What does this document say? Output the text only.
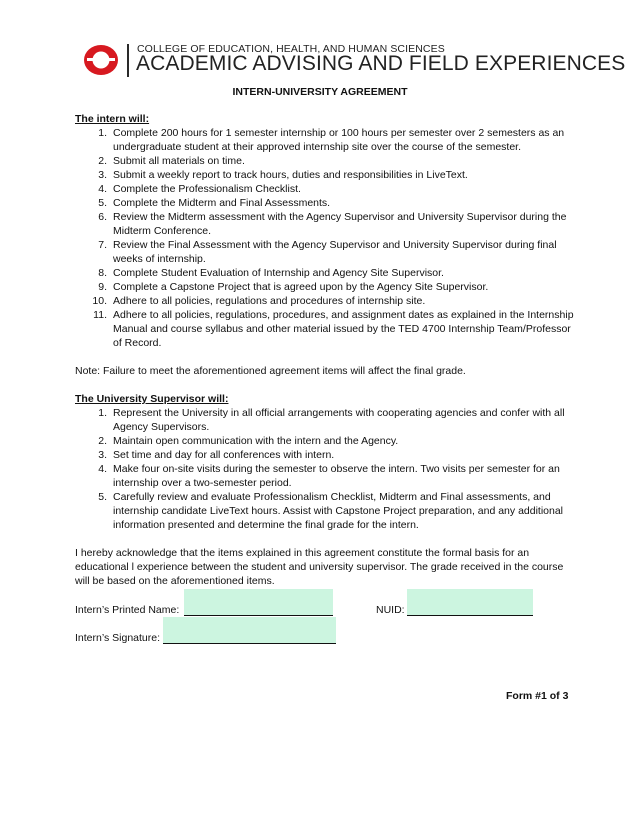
COLLEGE OF EDUCATION, HEALTH, AND HUMAN SCIENCES
ACADEMIC ADVISING AND FIELD EXPERIENCES
INTERN-UNIVERSITY AGREEMENT

The intern will:

1. Complete 200 hours for 1 semester internship or 100 hours per semester over 2 semesters as an undergraduate student at their approved internship site over the course of the semester.
2. Submit all materials on time.
3. Submit a weekly report to track hours, duties and responsibilities in LiveText.
4. Complete the Professionalism Checklist.
5. Complete the Midterm and Final Assessments.
6. Review the Midterm assessment with the Agency Supervisor and University Supervisor during the Midterm Conference.
7. Review the Final Assessment with the Agency Supervisor and University Supervisor during final weeks of internship.
8. Complete Student Evaluation of Internship and Agency Site Supervisor.
9. Complete a Capstone Project that is agreed upon by the Agency Site Supervisor.
10. Adhere to all policies, regulations and procedures of internship site.
11. Adhere to all policies, regulations, procedures, and assignment dates as explained in the Internship Manual and course syllabus and other material issued by the TED 4700 Internship Team/Professor of Record.

Note: Failure to meet the aforementioned agreement items will affect the final grade.

The University Supervisor will:

1. Represent the University in all official arrangements with cooperating agencies and confer with all Agency Supervisors.
2. Maintain open communication with the intern and the Agency.
3. Set time and day for all conferences with intern.
4. Make four on-site visits during the semester to observe the intern. Two visits per semester for an internship over a two-semester period.
5. Carefully review and evaluate Professionalism Checklist, Midterm and Final assessments, and internship candidate LiveText hours. Assist with Capstone Project preparation, and any additional information presented and determine the final grade for the intern.

I hereby acknowledge that the items explained in this agreement constitute the formal basis for an educational l experience between the student and university supervisor. The grade received in the course will be based on the aforementioned items.

Intern’s Printed Name:	NUID:
Intern’s Signature:
Form #1 of 3
